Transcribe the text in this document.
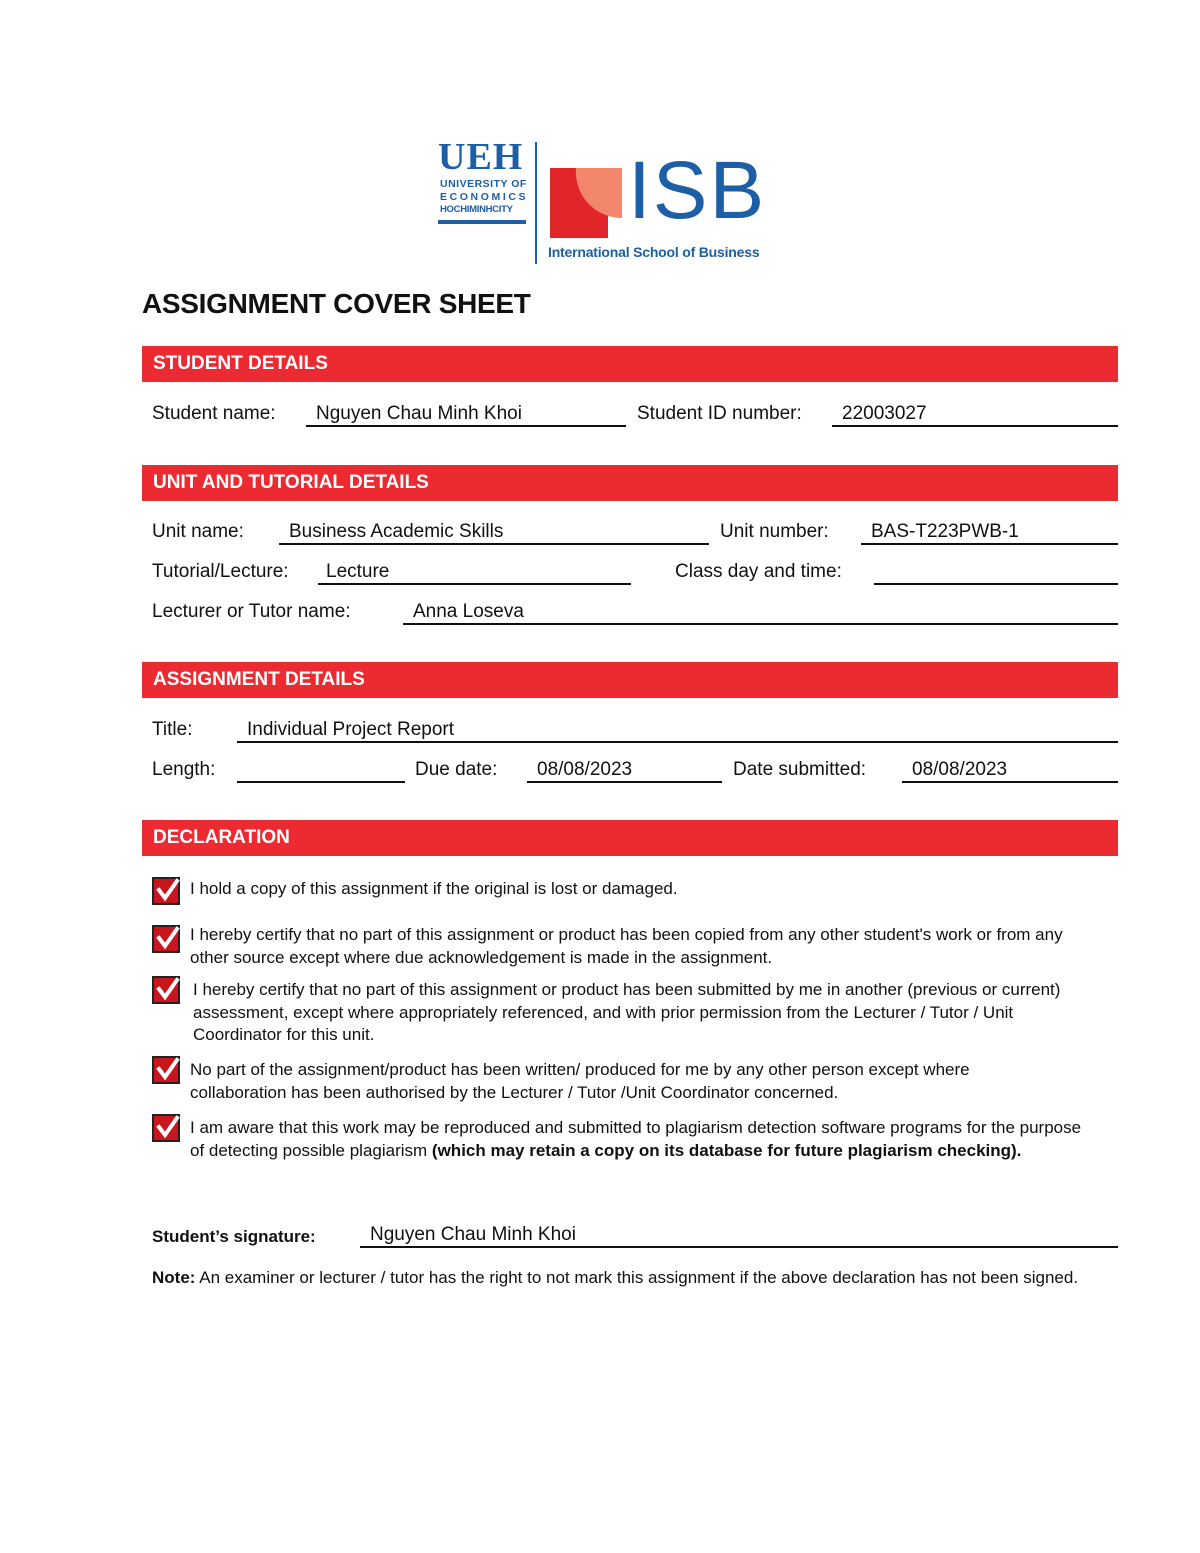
UEH
UNIVERSITY OF
ECONOMICS
HOCHIMINHCITY ISB
International School of Business
ASSIGNMENT COVER SHEET
STUDENT DETAILS
Student name:	Nguyen Chau Minh Khoi	Student ID number:	22003027
UNIT AND TUTORIAL DETAILS
Unit name:	Business Academic Skills	Unit number:	BAS-T223PWB-1
Tutorial/Lecture:	Lecture	Class day and time:
Lecturer or Tutor name:	Anna Loseva
ASSIGNMENT DETAILS
Title:	Individual Project Report
Length:	Due date:	08/08/2023	Date submitted:	08/08/2023
DECLARATION
I hold a copy of this assignment if the original is lost or damaged.
I hereby certify that no part of this assignment or product has been copied from any other student's work or from any other source except where due acknowledgement is made in the assignment.
I hereby certify that no part of this assignment or product has been submitted by me in another (previous or current) assessment, except where appropriately referenced, and with prior permission from the Lecturer / Tutor / Unit Coordinator for this unit.
No part of the assignment/product has been written/ produced for me by any other person except where collaboration has been authorised by the Lecturer / Tutor /Unit Coordinator concerned.
I am aware that this work may be reproduced and submitted to plagiarism detection software programs for the purpose of detecting possible plagiarism (which may retain a copy on its database for future plagiarism checking).
Student’s signature:	Nguyen Chau Minh Khoi
Note: An examiner or lecturer / tutor has the right to not mark this assignment if the above declaration has not been signed.
